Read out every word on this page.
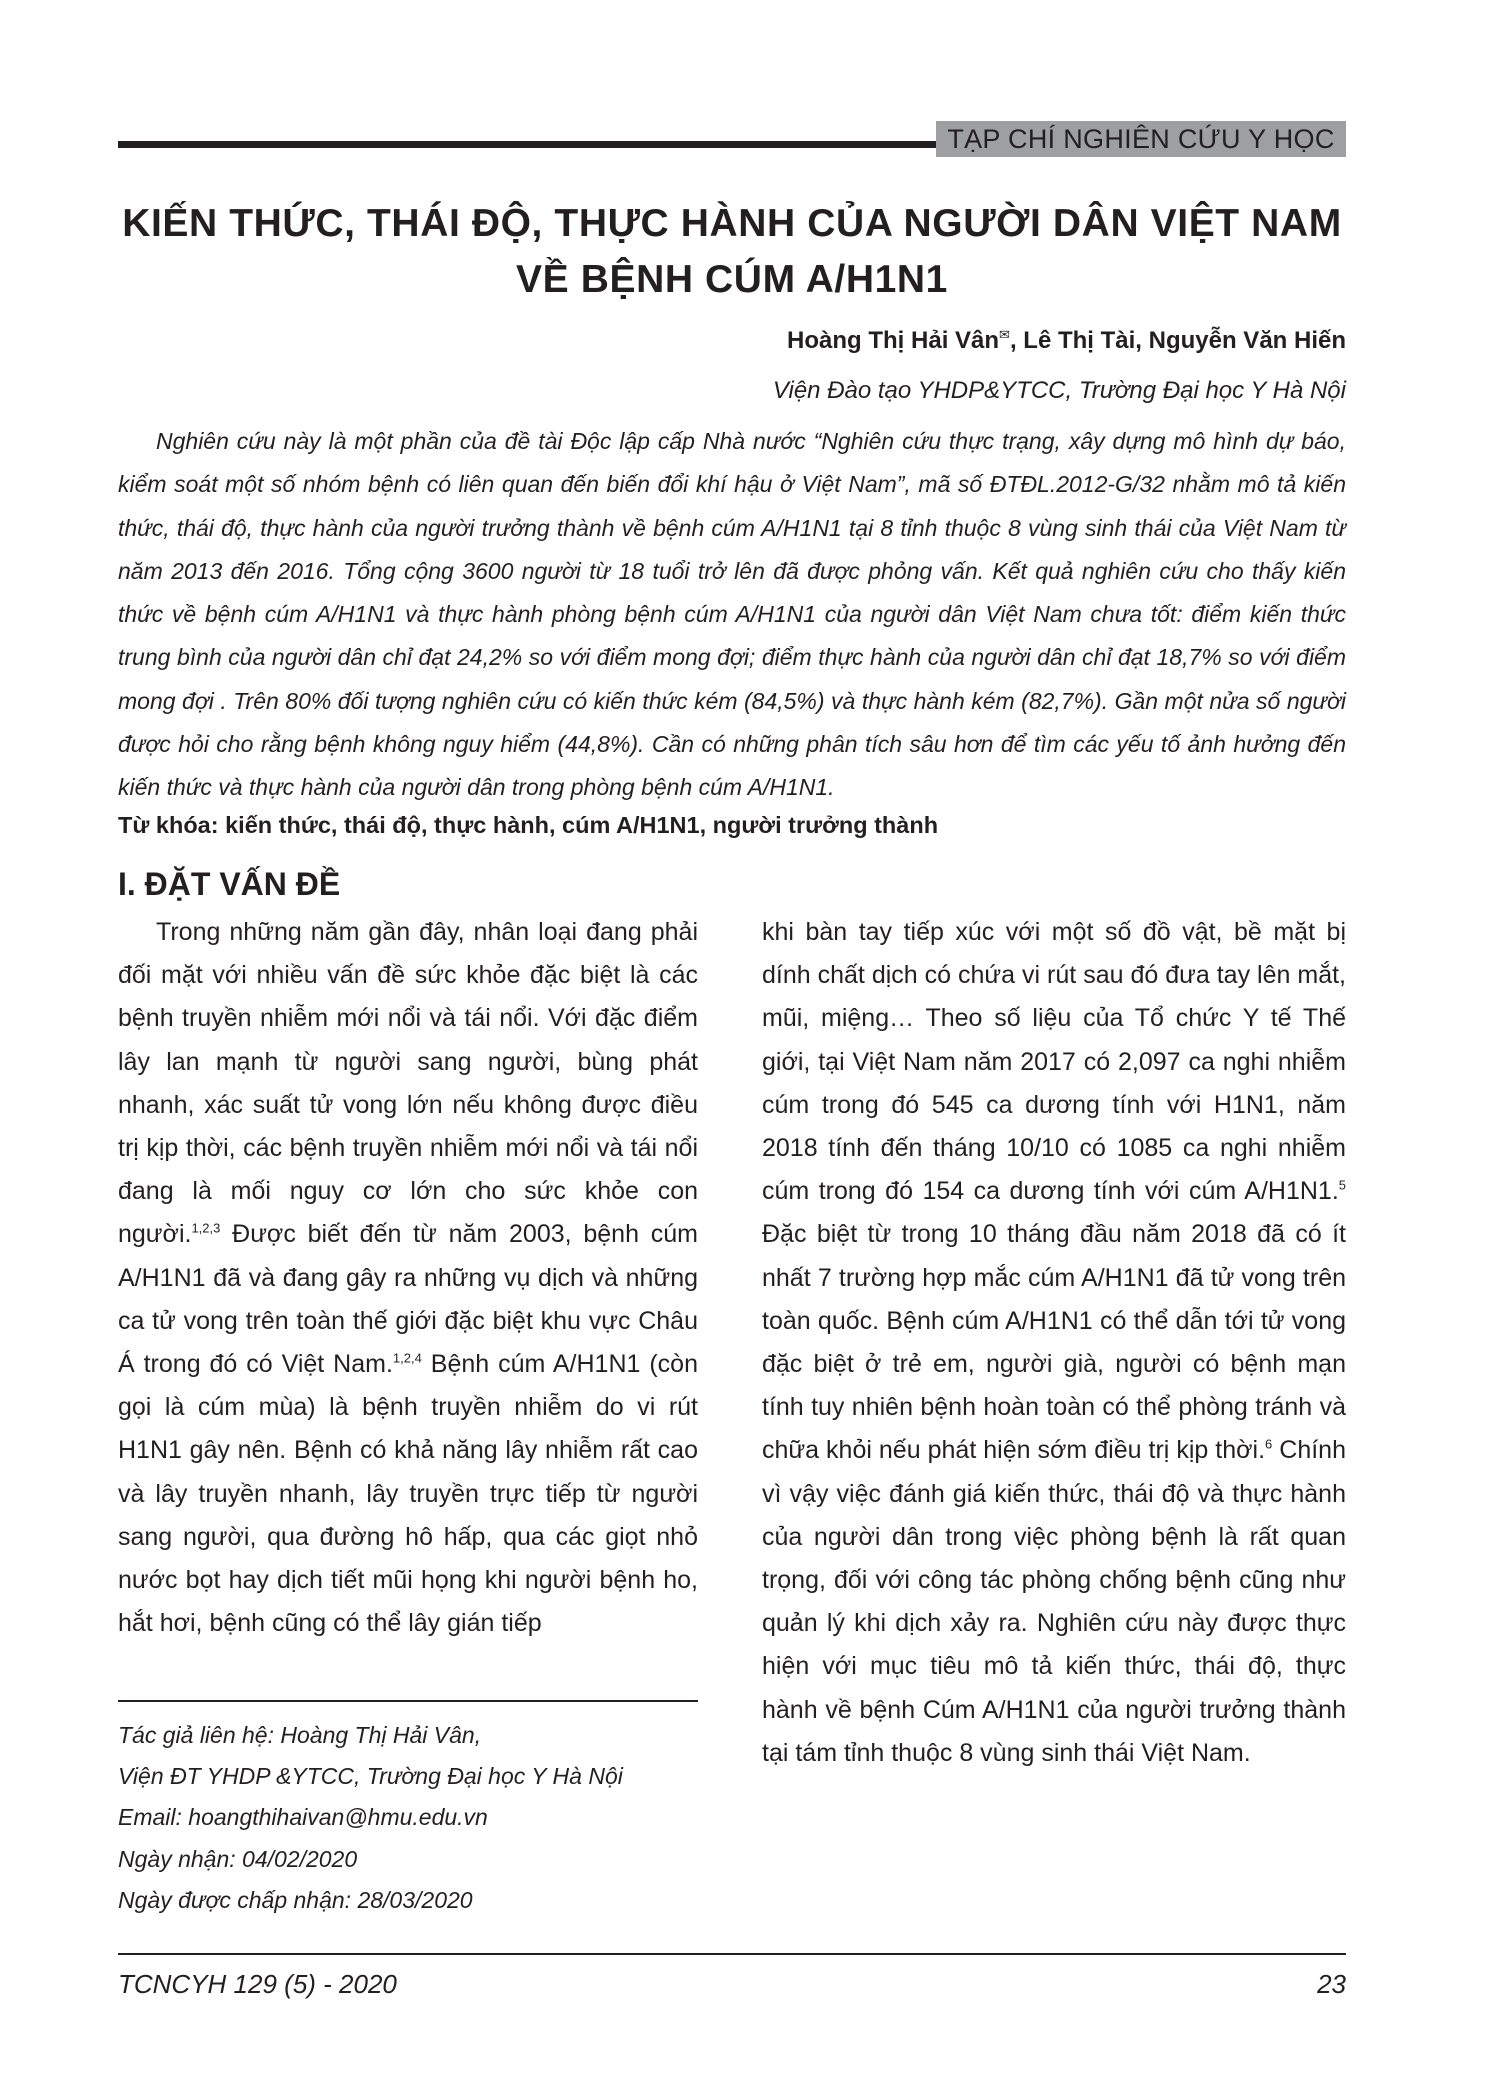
TẠP CHÍ NGHIÊN CỨU Y HỌC
KIẾN THỨC, THÁI ĐỘ, THỰC HÀNH CỦA NGƯỜI DÂN VIỆT NAM VỀ BỆNH CÚM A/H1N1
Hoàng Thị Hải Vân✉, Lê Thị Tài, Nguyễn Văn Hiến
Viện Đào tạo YHDP&YTCC, Trường Đại học Y Hà Nội
Nghiên cứu này là một phần của đề tài Độc lập cấp Nhà nước “Nghiên cứu thực trạng, xây dựng mô hình dự báo, kiểm soát một số nhóm bệnh có liên quan đến biến đổi khí hậu ở Việt Nam”, mã số ĐTĐL.2012-G/32 nhằm mô tả kiến thức, thái độ, thực hành của người trưởng thành về bệnh cúm A/H1N1 tại 8 tỉnh thuộc 8 vùng sinh thái của Việt Nam từ năm 2013 đến 2016. Tổng cộng 3600 người từ 18 tuổi trở lên đã được phỏng vấn. Kết quả nghiên cứu cho thấy kiến thức về bệnh cúm A/H1N1 và thực hành phòng bệnh cúm A/H1N1 của người dân Việt Nam chưa tốt: điểm kiến thức trung bình của người dân chỉ đạt 24,2% so với điểm mong đợi; điểm thực hành của người dân chỉ đạt 18,7% so với điểm mong đợi . Trên 80% đối tượng nghiên cứu có kiến thức kém (84,5%) và thực hành kém (82,7%). Gần một nửa số người được hỏi cho rằng bệnh không nguy hiểm (44,8%). Cần có những phân tích sâu hơn để tìm các yếu tố ảnh hưởng đến kiến thức và thực hành của người dân trong phòng bệnh cúm A/H1N1.
Từ khóa: kiến thức, thái độ, thực hành, cúm A/H1N1, người trưởng thành
I. ĐẶT VẤN ĐỀ
Trong những năm gần đây, nhân loại đang phải đối mặt với nhiều vấn đề sức khỏe đặc biệt là các bệnh truyền nhiễm mới nổi và tái nổi. Với đặc điểm lây lan mạnh từ người sang người, bùng phát nhanh, xác suất tử vong lớn nếu không được điều trị kịp thời, các bệnh truyền nhiễm mới nổi và tái nổi đang là mối nguy cơ lớn cho sức khỏe con người.$^{1,2,3}$ Được biết đến từ năm 2003, bệnh cúm A/H1N1 đã và đang gây ra những vụ dịch và những ca tử vong trên toàn thế giới đặc biệt khu vực Châu Á trong đó có Việt Nam.$^{1,2,4}$ Bệnh cúm A/H1N1 (còn gọi là cúm mùa) là bệnh truyền nhiễm do vi rút H1N1 gây nên. Bệnh có khả năng lây nhiễm rất cao và lây truyền nhanh, lây truyền trực tiếp từ người sang người, qua đường hô hấp, qua các giọt nhỏ nước bọt hay dịch tiết mũi họng khi người bệnh ho, hắt hơi, bệnh cũng có thể lây gián tiếp
khi bàn tay tiếp xúc với một số đồ vật, bề mặt bị dính chất dịch có chứa vi rút sau đó đưa tay lên mắt, mũi, miệng… Theo số liệu của Tổ chức Y tế Thế giới, tại Việt Nam năm 2017 có 2,097 ca nghi nhiễm cúm trong đó 545 ca dương tính với H1N1, năm 2018 tính đến tháng 10/10 có 1085 ca nghi nhiễm cúm trong đó 154 ca dương tính với cúm A/H1N1.$^5$ Đặc biệt từ trong 10 tháng đầu năm 2018 đã có ít nhất 7 trường hợp mắc cúm A/H1N1 đã tử vong trên toàn quốc. Bệnh cúm A/H1N1 có thể dẫn tới tử vong đặc biệt ở trẻ em, người già, người có bệnh mạn tính tuy nhiên bệnh hoàn toàn có thể phòng tránh và chữa khỏi nếu phát hiện sớm điều trị kịp thời.$^6$ Chính vì vậy việc đánh giá kiến thức, thái độ và thực hành của người dân trong việc phòng bệnh là rất quan trọng, đối với công tác phòng chống bệnh cũng như quản lý khi dịch xảy ra. Nghiên cứu này được thực hiện với mục tiêu mô tả kiến thức, thái độ, thực hành về bệnh Cúm A/H1N1 của người trưởng thành tại tám tỉnh thuộc 8 vùng sinh thái Việt Nam.
Tác giả liên hệ: Hoàng Thị Hải Vân,
Viện ĐT YHDP &YTCC, Trường Đại học Y Hà Nội
Email: hoangthihaivan@hmu.edu.vn
Ngày nhận: 04/02/2020
Ngày được chấp nhận: 28/03/2020
TCNCYH 129 (5) - 2020	23
